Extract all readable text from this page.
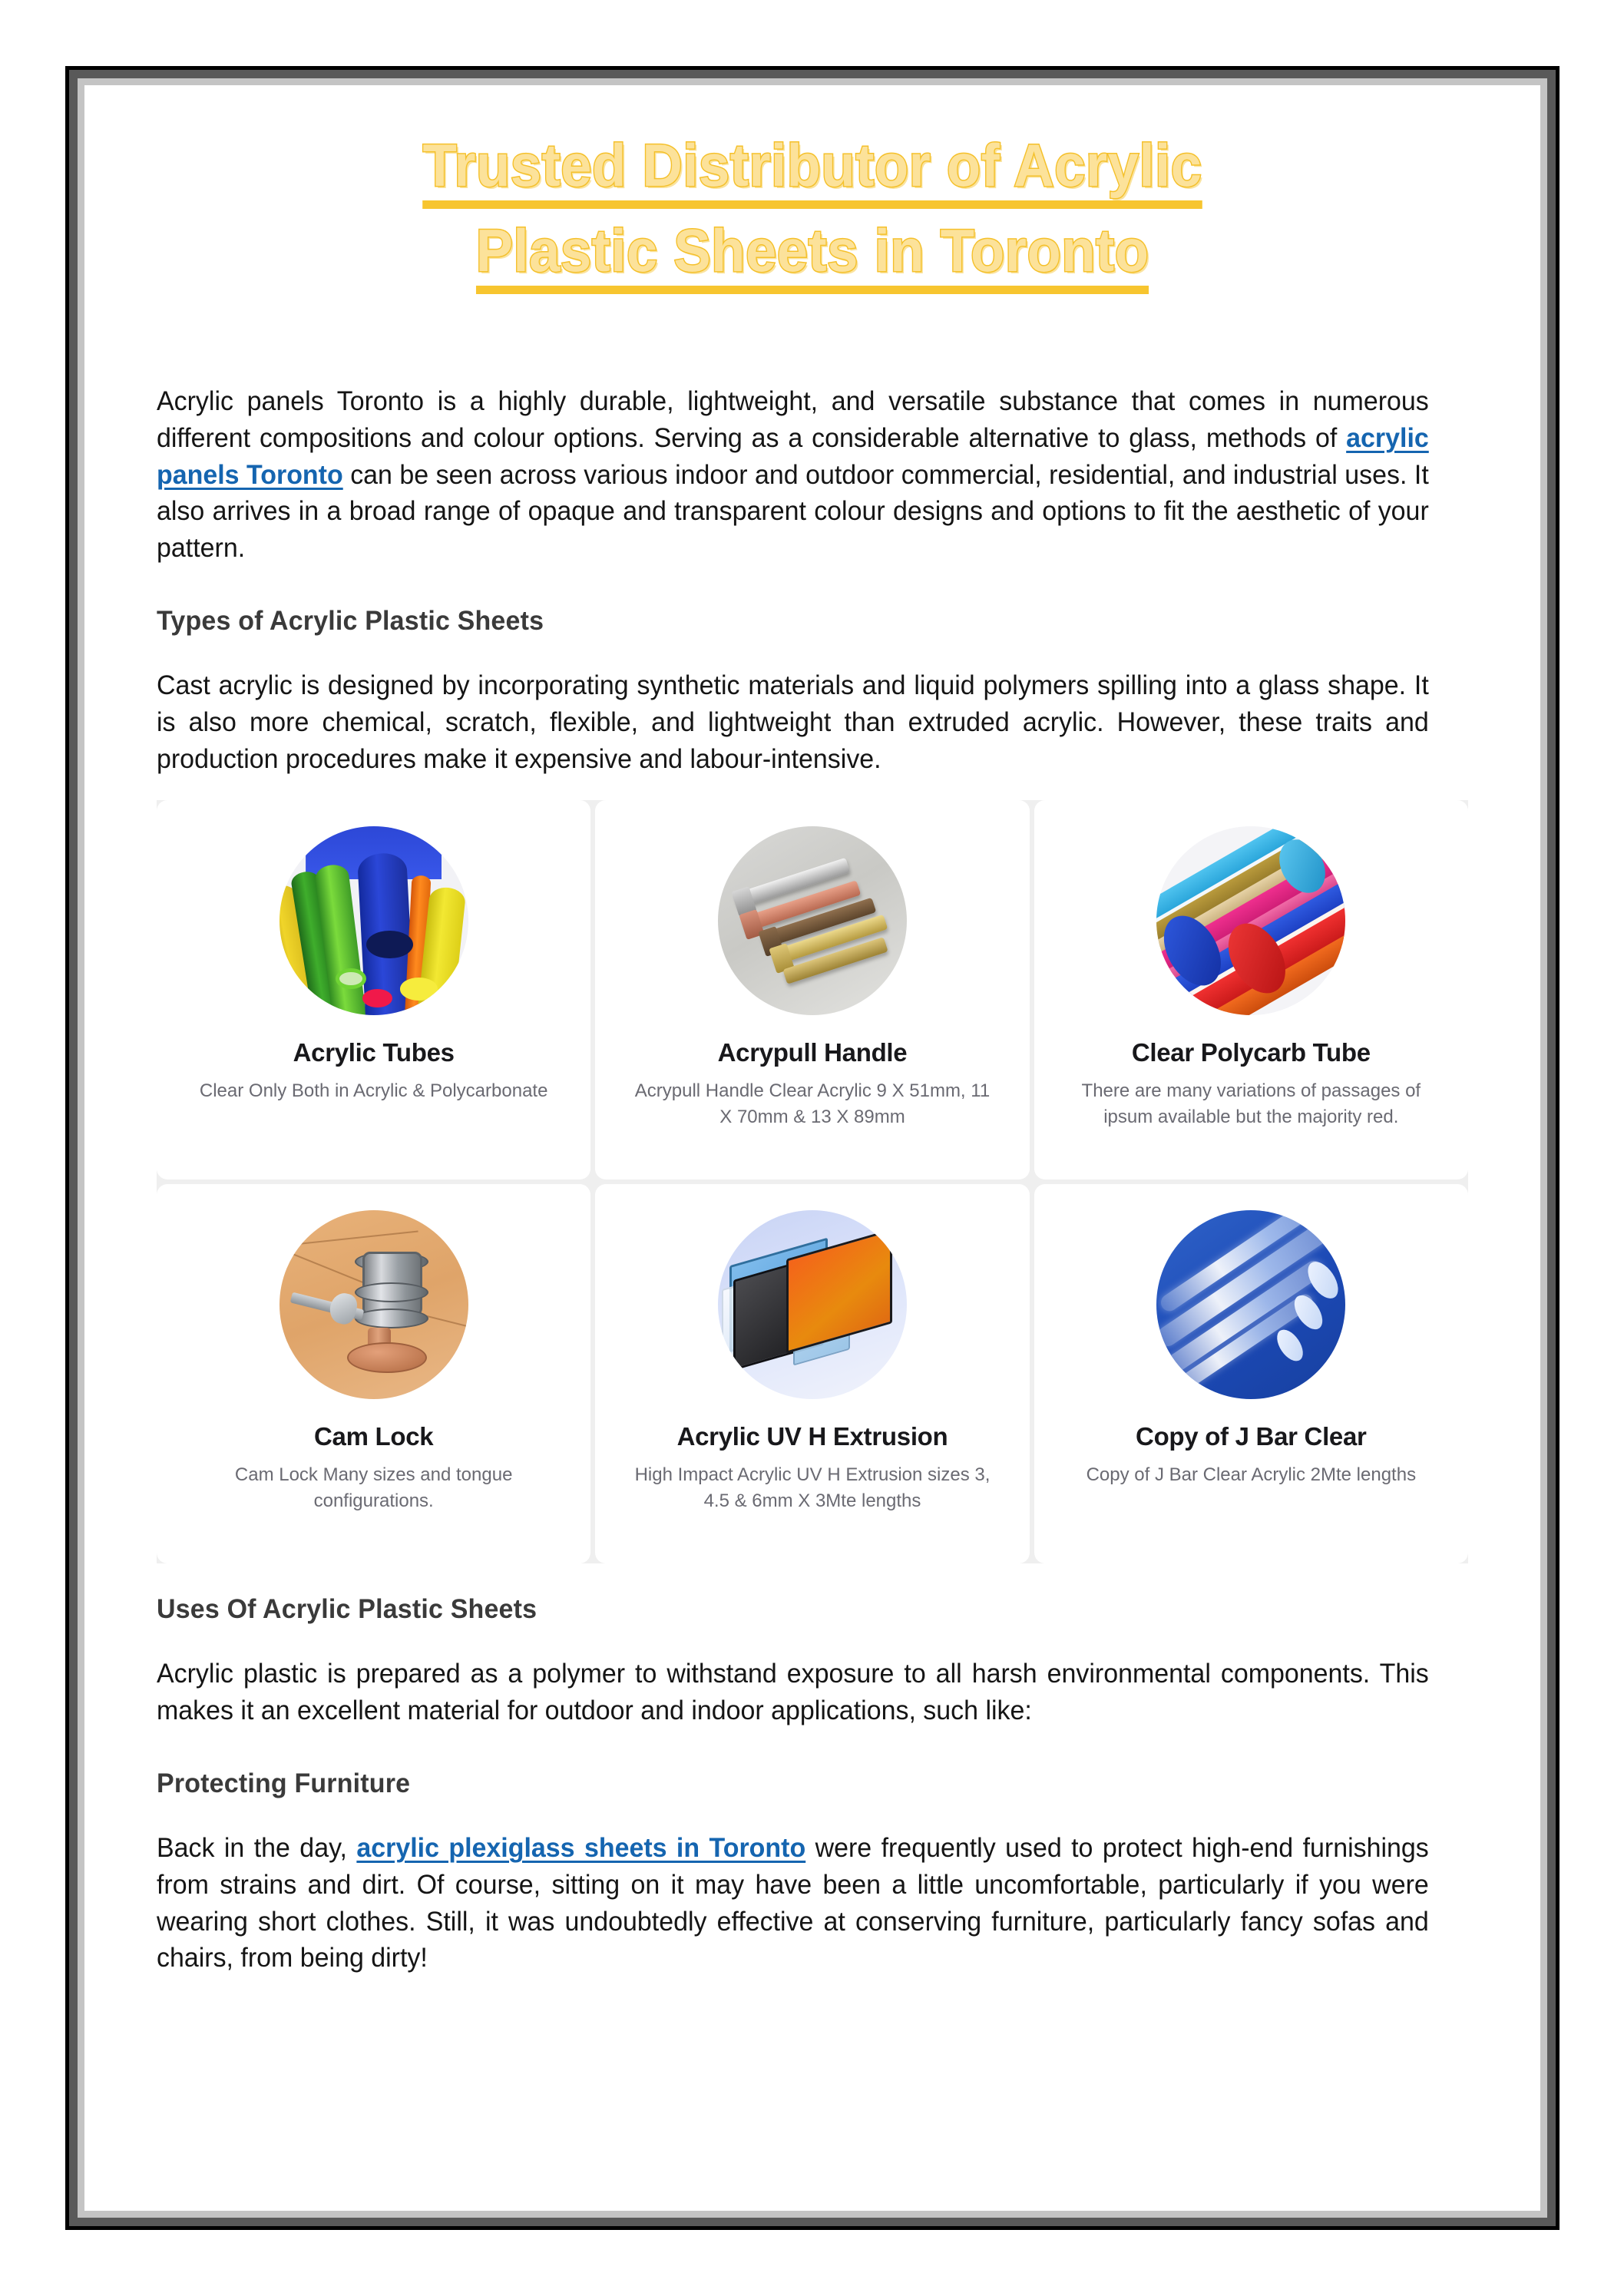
Trusted Distributor of Acrylic
Plastic Sheets in Toronto

Acrylic panels Toronto is a highly durable, lightweight, and versatile substance that comes in numerous different compositions and colour options. Serving as a considerable alternative to glass, methods of acrylic panels Toronto can be seen across various indoor and outdoor commercial, residential, and industrial uses. It also arrives in a broad range of opaque and transparent colour designs and options to fit the aesthetic of your pattern.

Types of Acrylic Plastic Sheets

Cast acrylic is designed by incorporating synthetic materials and liquid polymers spilling into a glass shape. It is also more chemical, scratch, flexible, and lightweight than extruded acrylic. However, these traits and production procedures make it expensive and labour-intensive.

Acrylic Tubes
Clear Only Both in Acrylic & Polycarbonate
Acrypull Handle
Acrypull Handle Clear Acrylic 9 X 51mm, 11 X 70mm & 13 X 89mm
Clear Polycarb Tube
There are many variations of passages of ipsum available but the majority red.
Cam Lock
Cam Lock Many sizes and tongue configurations.
Acrylic UV H Extrusion
High Impact Acrylic UV H Extrusion sizes 3, 4.5 & 6mm X 3Mte lengths
Copy of J Bar Clear
Copy of J Bar Clear Acrylic 2Mte lengths
Uses Of Acrylic Plastic Sheets

Acrylic plastic is prepared as a polymer to withstand exposure to all harsh environmental components. This makes it an excellent material for outdoor and indoor applications, such like:

Protecting Furniture

Back in the day, acrylic plexiglass sheets in Toronto were frequently used to protect high-end furnishings from strains and dirt. Of course, sitting on it may have been a little uncomfortable, particularly if you were wearing short clothes. Still, it was undoubtedly effective at conserving furniture, particularly fancy sofas and chairs, from being dirty!
